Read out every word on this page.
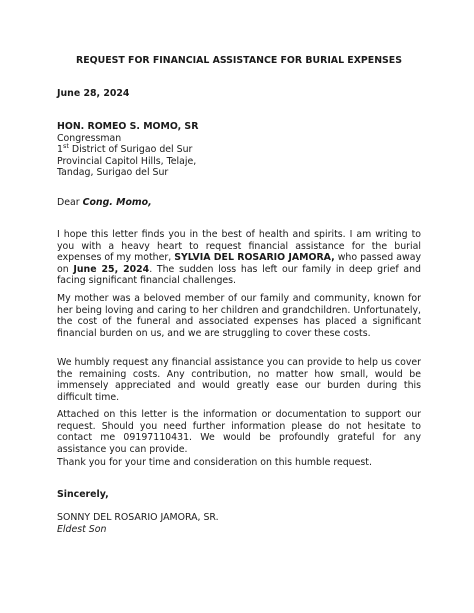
REQUEST FOR FINANCIAL ASSISTANCE FOR BURIAL EXPENSES
June 28, 2024
HON. ROMEO S. MOMO, SR
Congressman
1st District of Surigao del Sur
Provincial Capitol Hills, Telaje,
Tandag, Surigao del Sur
Dear Cong. Momo,
I hope this letter finds you in the best of health and spirits. I am writing to you with a heavy heart to request financial assistance for the burial expenses of my mother, SYLVIA DEL ROSARIO JAMORA, who passed away on June 25, 2024. The sudden loss has left our family in deep grief and facing significant financial challenges.
My mother was a beloved member of our family and community, known for her being loving and caring to her children and grandchildren. Unfortunately, the cost of the funeral and associated expenses has placed a significant financial burden on us, and we are struggling to cover these costs.
We humbly request any financial assistance you can provide to help us cover the remaining costs. Any contribution, no matter how small, would be immensely appreciated and would greatly ease our burden during this difficult time.
Attached on this letter is the information or documentation to support our request. Should you need further information please do not hesitate to contact me 09197110431. We would be profoundly grateful for any assistance you can provide.
Thank you for your time and consideration on this humble request.
Sincerely,
SONNY DEL ROSARIO JAMORA, SR.
Eldest Son
